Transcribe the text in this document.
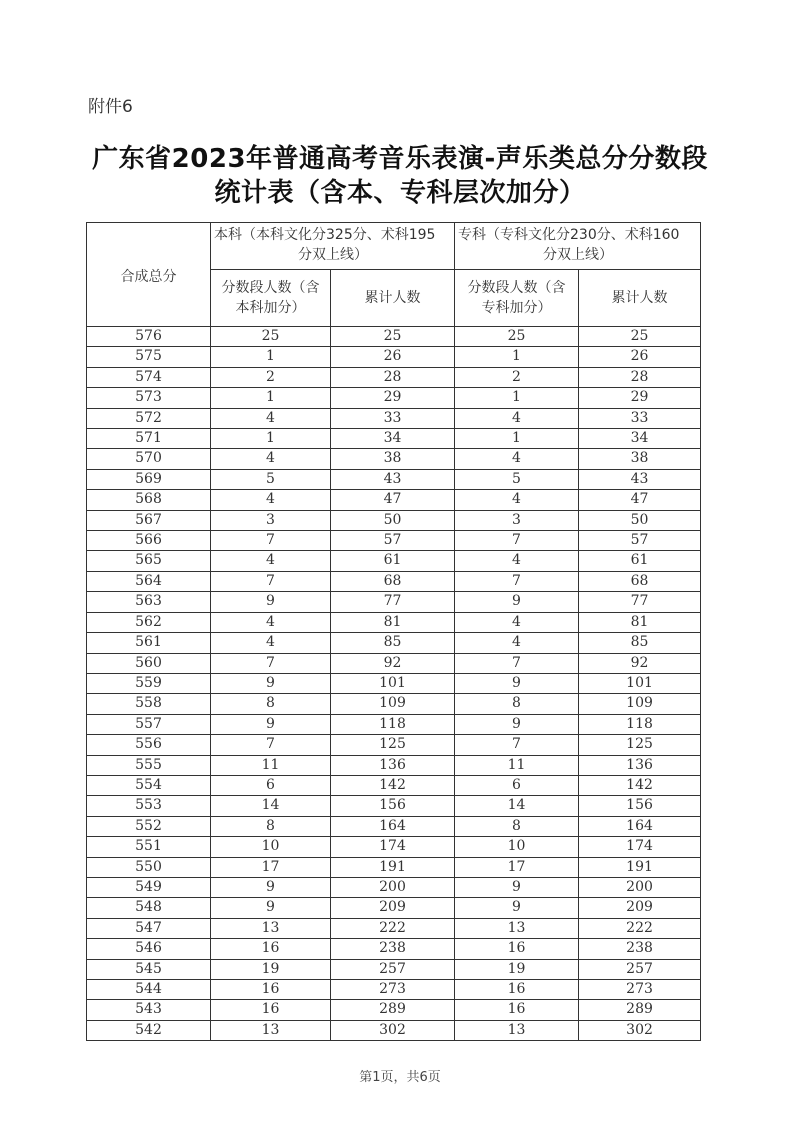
附件6
广东省2023年普通高考音乐表演-声乐类总分分数段
统计表（含本、专科层次加分）
合成总分	本科（本科文化分325分、术科195
分双上线）		专科（专科文化分230分、术科160
分双上线）	

	分数段人数（含
本科加分）	累计人数	分数段人数（含
专科加分）	累计人数
576	25	25	25	25
575	1	26	1	26
574	2	28	2	28
573	1	29	1	29
572	4	33	4	33
571	1	34	1	34
570	4	38	4	38
569	5	43	5	43
568	4	47	4	47
567	3	50	3	50
566	7	57	7	57
565	4	61	4	61
564	7	68	7	68
563	9	77	9	77
562	4	81	4	81
561	4	85	4	85
560	7	92	7	92
559	9	101	9	101
558	8	109	8	109
557	9	118	9	118
556	7	125	7	125
555	11	136	11	136
554	6	142	6	142
553	14	156	14	156
552	8	164	8	164
551	10	174	10	174
550	17	191	17	191
549	9	200	9	200
548	9	209	9	209
547	13	222	13	222
546	16	238	16	238
545	19	257	19	257
544	16	273	16	273
543	16	289	16	289
542	13	302	13	302
第1页，共6页
